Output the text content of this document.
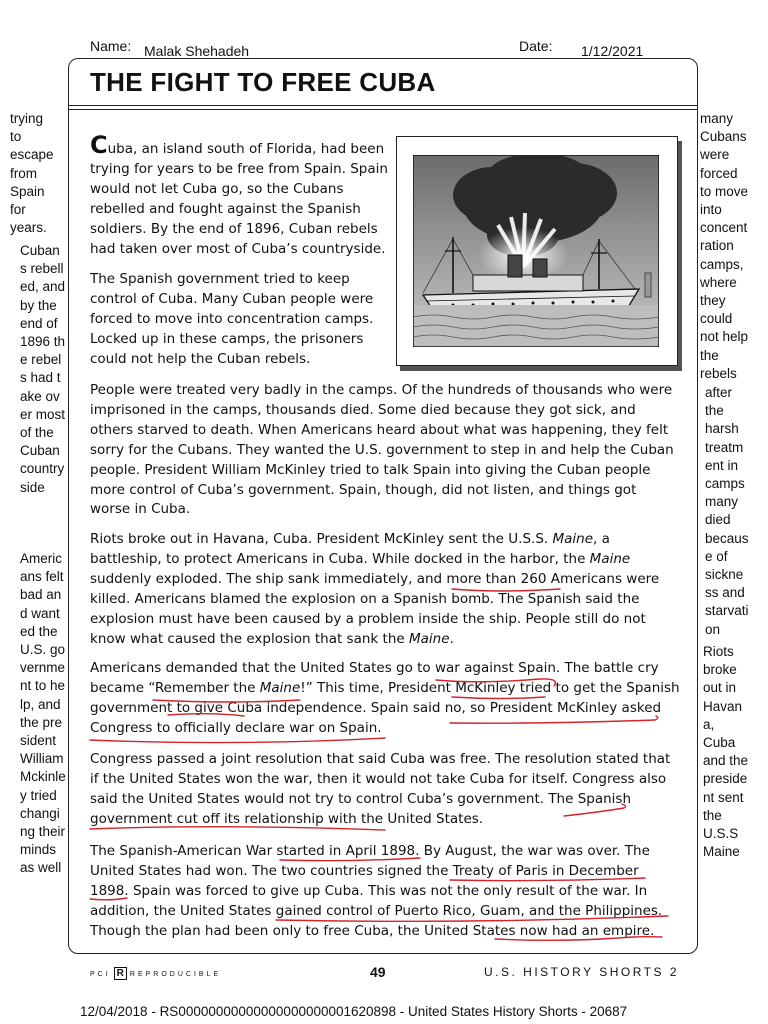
Name: Malak Shehadeh	Date: 1/12/2021
THE FIGHT TO FREE CUBA

Cuba, an island south of Florida, had been trying for years to be free from Spain. Spain would not let Cuba go, so the Cubans rebelled and fought against the Spanish soldiers. By the end of 1896, Cuban rebels had taken over most of Cuba’s countryside.

The Spanish government tried to keep control of Cuba. Many Cuban people were forced to move into concentration camps. Locked up in these camps, the prisoners could not help the Cuban rebels.

People were treated very badly in the camps. Of the hundreds of thousands who were imprisoned in the camps, thousands died. Some died because they got sick, and others starved to death. When Americans heard about what was happening, they felt sorry for the Cubans. They wanted the U.S. government to step in and help the Cuban people. President William McKinley tried to talk Spain into giving the Cuban people more control of Cuba’s government. Spain, though, did not listen, and things got worse in Cuba.

Riots broke out in Havana, Cuba. President McKinley sent the U.S.S. Maine, a battleship, to protect Americans in Cuba. While docked in the harbor, the Maine suddenly exploded. The ship sank immediately, and more than 260 Americans were killed. Americans blamed the explosion on a Spanish bomb. The Spanish said the explosion must have been caused by a problem inside the ship. People still do not know what caused the explosion that sank the Maine.

Americans demanded that the United States go to war against Spain. The battle cry became “Remember the Maine!” This time, President McKinley tried to get the Spanish government to give Cuba independence. Spain said no, so President McKinley asked Congress to officially declare war on Spain.

Congress passed a joint resolution that said Cuba was free. The resolution stated that if the United States won the war, then it would not take Cuba for itself. Congress also said the United States would not try to control Cuba’s government. The Spanish government cut off its relationship with the United States.

The Spanish-American War started in April 1898. By August, the war was over. The United States had won. The two countries signed the Treaty of Paris in December 1898. Spain was forced to give up Cuba. This was not the only result of the war. In addition, the United States gained control of Puerto Rico, Guam, and the Philippines. Though the plan had been only to free Cuba, the United States now had an empire.

trying
to
escape
from
Spain
for
years.

Cuban
s rebell
ed, and
by the
end of
1896 th
e rebel
s had t
ake ov
er most
of the
Cuban
country
side

Americ
ans felt
bad an
d want
ed the
U.S. go
vernme
nt to he
lp, and
the pre
sident
William
Mckinle
y tried
changi
ng their
minds
as well

many
Cubans
were
forced
to move
into
concent
ration
camps,
where
they
could
not help
the
rebels

after
the
harsh
treatm
ent in
camps
many
died
becaus
e of
sickne
ss and
starvati
on

Riots
broke
out in
Havan
a,
Cuba
and the
preside
nt sent
the
U.S.S
Maine

PCI R REPRODUCIBLE	49	U.S. HISTORY SHORTS 2
12/04/2018 - RS00000000000000000000001620898 - United States History Shorts - 20687
